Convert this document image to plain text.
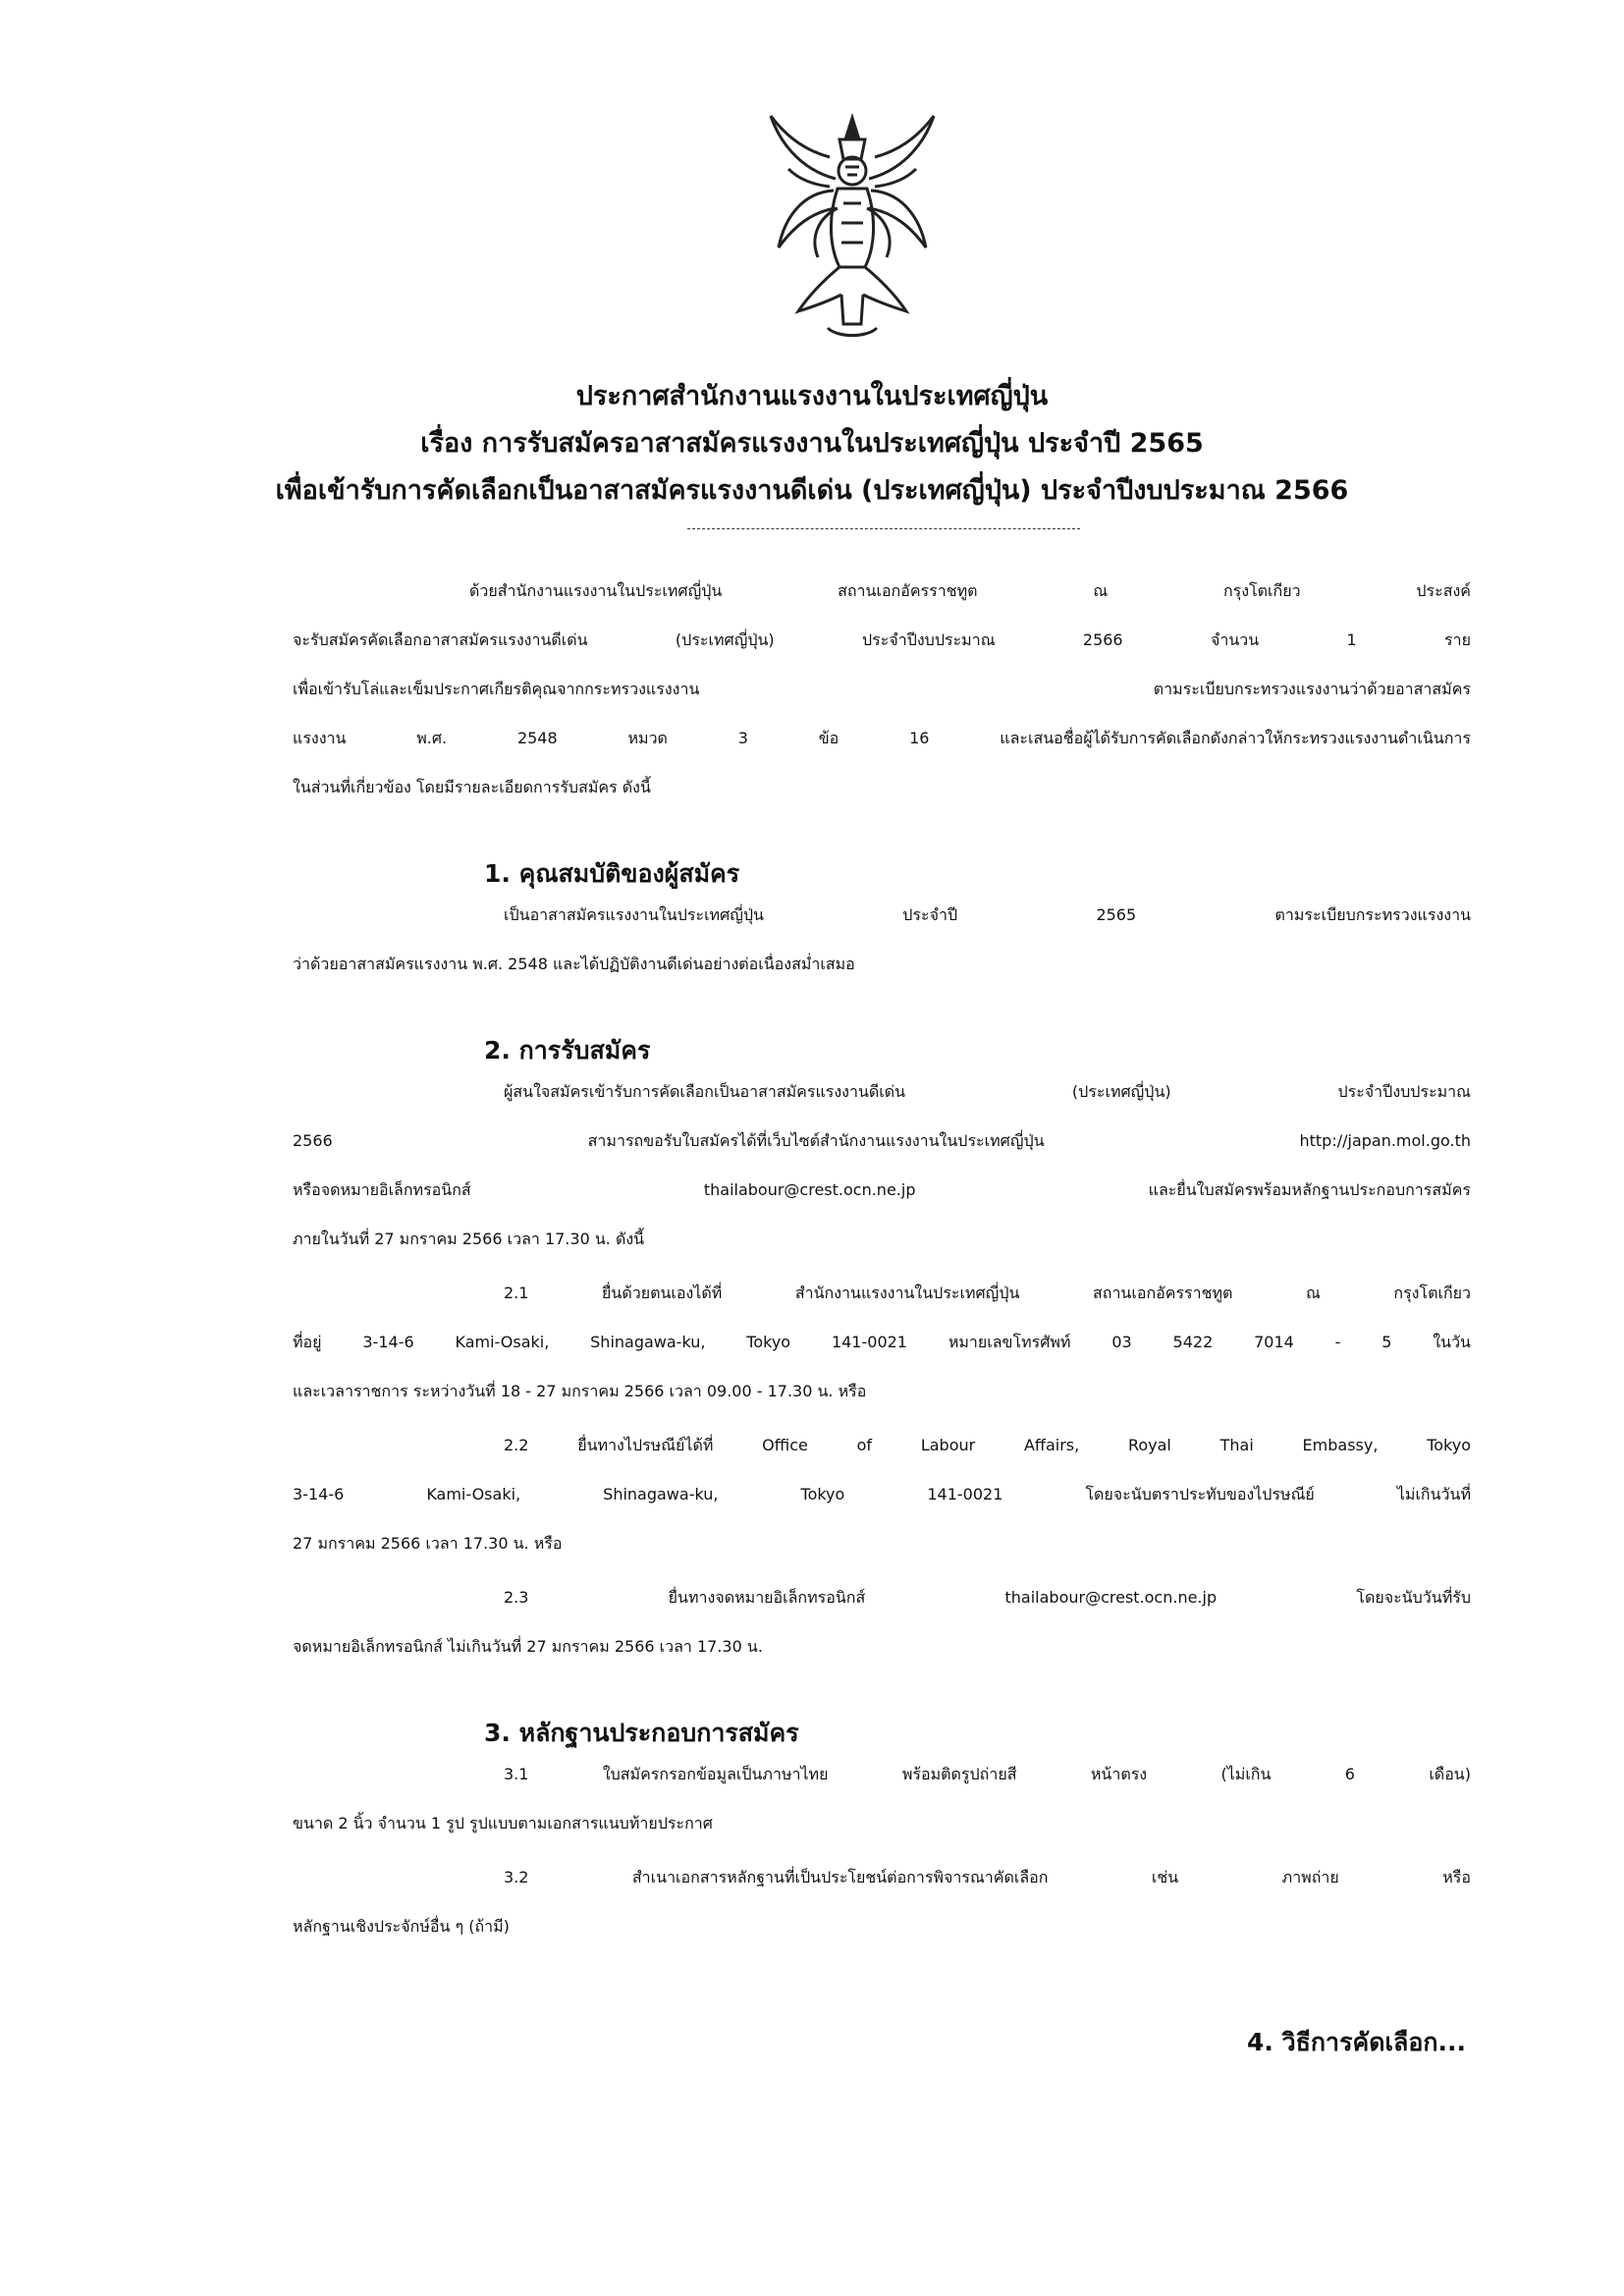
ประกาศสำนักงานแรงงานในประเทศญี่ปุ่น
เรื่อง การรับสมัครอาสาสมัครแรงงานในประเทศญี่ปุ่น ประจำปี 2565
เพื่อเข้ารับการคัดเลือกเป็นอาสาสมัครแรงงานดีเด่น (ประเทศญี่ปุ่น) ประจำปีงบประมาณ 2566
ด้วยสำนักงานแรงงานในประเทศญี่ปุ่น สถานเอกอัครราชทูต ณ กรุงโตเกียว ประสงค์
จะรับสมัครคัดเลือกอาสาสมัครแรงงานดีเด่น (ประเทศญี่ปุ่น) ประจำปีงบประมาณ 2566 จำนวน 1 ราย
เพื่อเข้ารับโล่และเข็มประกาศเกียรติคุณจากกระทรวงแรงงาน ตามระเบียบกระทรวงแรงงานว่าด้วยอาสาสมัคร
แรงงาน พ.ศ. 2548 หมวด 3 ข้อ 16 และเสนอชื่อผู้ได้รับการคัดเลือกดังกล่าวให้กระทรวงแรงงานดำเนินการ
ในส่วนที่เกี่ยวข้อง โดยมีรายละเอียดการรับสมัคร ดังนี้
1. คุณสมบัติของผู้สมัคร
เป็นอาสาสมัครแรงงานในประเทศญี่ปุ่น ประจำปี 2565 ตามระเบียบกระทรวงแรงงาน
ว่าด้วยอาสาสมัครแรงงาน พ.ศ. 2548 และได้ปฏิบัติงานดีเด่นอย่างต่อเนื่องสม่ำเสมอ
2. การรับสมัคร
ผู้สนใจสมัครเข้ารับการคัดเลือกเป็นอาสาสมัครแรงงานดีเด่น (ประเทศญี่ปุ่น) ประจำปีงบประมาณ
2566 สามารถขอรับใบสมัครได้ที่เว็บไซต์สำนักงานแรงงานในประเทศญี่ปุ่น http://japan.mol.go.th
หรือจดหมายอิเล็กทรอนิกส์ thailabour@crest.ocn.ne.jp และยื่นใบสมัครพร้อมหลักฐานประกอบการสมัคร
ภายในวันที่ 27 มกราคม 2566 เวลา 17.30 น. ดังนี้
2.1 ยื่นด้วยตนเองได้ที่ สำนักงานแรงงานในประเทศญี่ปุ่น สถานเอกอัครราชทูต ณ กรุงโตเกียว
ที่อยู่ 3-14-6 Kami-Osaki, Shinagawa-ku, Tokyo 141-0021 หมายเลขโทรศัพท์ 03 5422 7014 - 5 ในวัน
และเวลาราชการ ระหว่างวันที่ 18 - 27 มกราคม 2566 เวลา 09.00 - 17.30 น. หรือ
2.2 ยื่นทางไปรษณีย์ได้ที่ Office of Labour Affairs, Royal Thai Embassy, Tokyo
3-14-6 Kami-Osaki, Shinagawa-ku, Tokyo 141-0021 โดยจะนับตราประทับของไปรษณีย์ ไม่เกินวันที่
27 มกราคม 2566 เวลา 17.30 น. หรือ
2.3 ยื่นทางจดหมายอิเล็กทรอนิกส์ thailabour@crest.ocn.ne.jp โดยจะนับวันที่รับ
จดหมายอิเล็กทรอนิกส์ ไม่เกินวันที่ 27 มกราคม 2566 เวลา 17.30 น.
3. หลักฐานประกอบการสมัคร
3.1 ใบสมัครกรอกข้อมูลเป็นภาษาไทย พร้อมติดรูปถ่ายสี หน้าตรง (ไม่เกิน 6 เดือน)
ขนาด 2 นิ้ว จำนวน 1 รูป รูปแบบตามเอกสารแนบท้ายประกาศ
3.2 สำเนาเอกสารหลักฐานที่เป็นประโยชน์ต่อการพิจารณาคัดเลือก เช่น ภาพถ่าย หรือ
หลักฐานเชิงประจักษ์อื่น ๆ (ถ้ามี)
4. วิธีการคัดเลือก...
